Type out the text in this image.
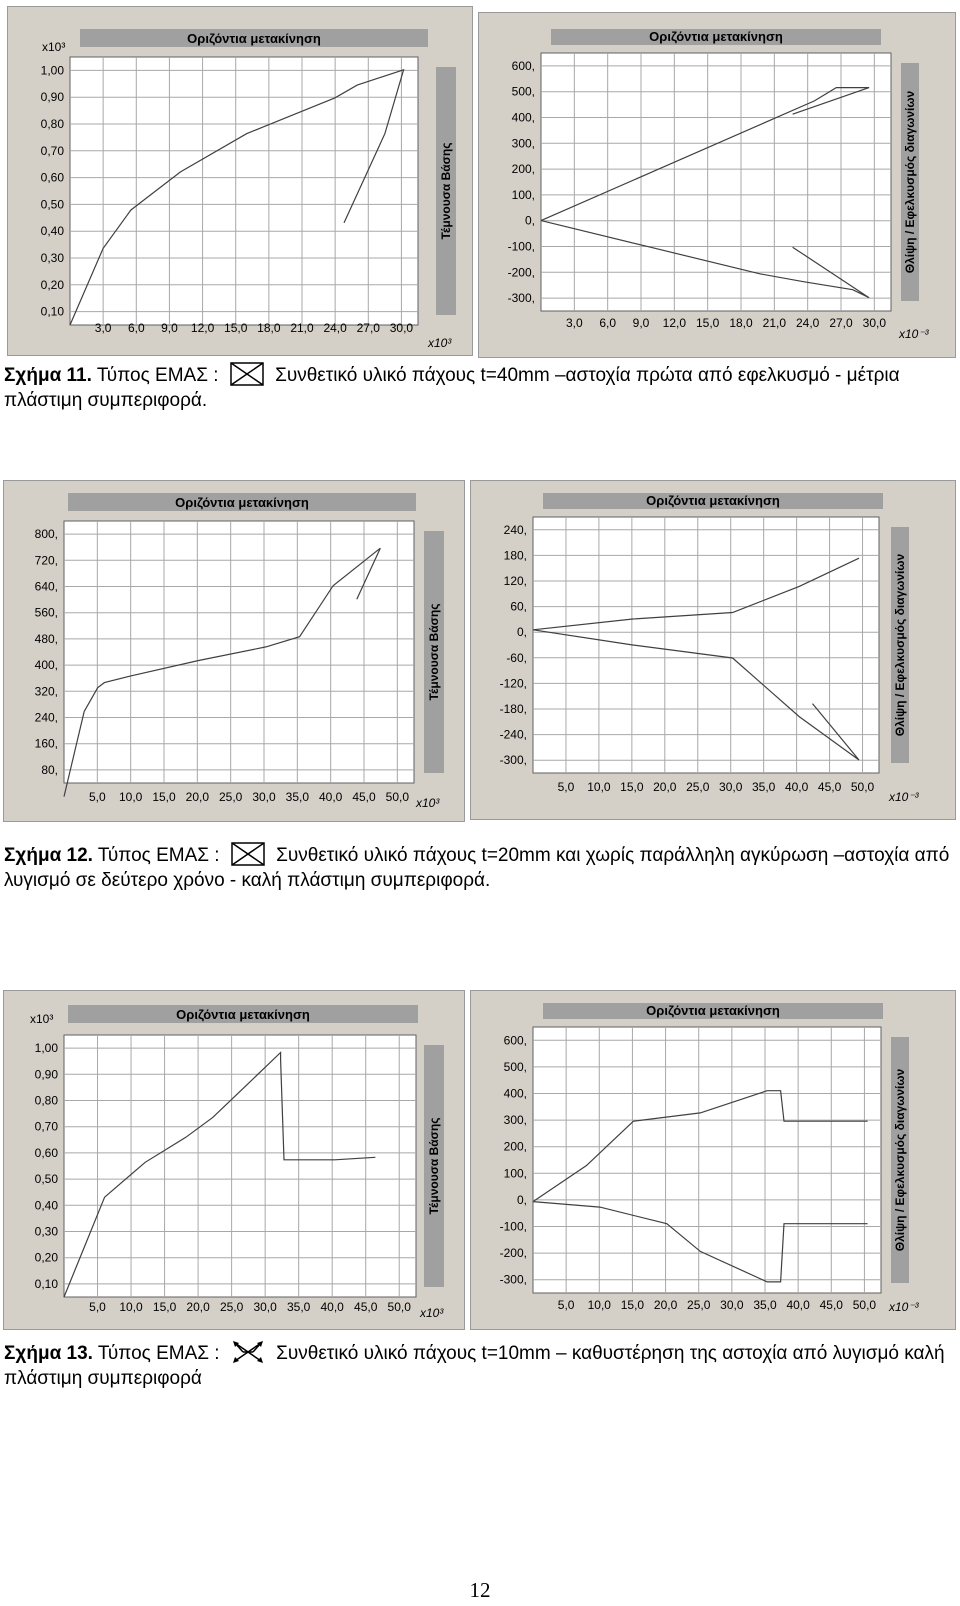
Οριζόντια μετακίνηση
3,0 6,0 9,0 12,0 15,0 18,0 21,0 24,0 27,0 30,0
0,10
0,20
0,30
0,40
0,50
0,60
0,70
0,80
0,90
1,00
x10³
x10³
Τέμνουσα Βάσης
Οριζόντια μετακίνηση
3,0 6,0 9,0 12,0 15,0 18,0 21,0 24,0 27,0 30,0
600,
500,
400,
300,
200,
100,
0,
-100,
-200,
-300,
x10⁻³
Θλίψη / Εφελκυσμός διαγωνίων
Σχήμα 11. Τύπος ΕΜΑΣ : ☒ Συνθετικό υλικό πάχους t=40mm –αστοχία πρώτα από εφελκυσμό - μέτρια πλάστιμη συμπεριφορά.
Οριζόντια μετακίνηση
5,0 10,0 15,0 20,0 25,0 30,0 35,0 40,0 45,0 50,0
800,
720,
640,
560,
480,
400,
320,
240,
160,
80,
x10³
Τέμνουσα Βάσης
Οριζόντια μετακίνηση
5,0 10,0 15,0 20,0 25,0 30,0 35,0 40,0 45,0 50,0
240,
180,
120,
60,
0,
-60,
-120,
-180,
-240,
-300,
x10⁻³
Θλίψη / Εφελκυσμός διαγωνίων
Σχήμα 12. Τύπος ΕΜΑΣ : ☒ Συνθετικό υλικό πάχους t=20mm και χωρίς παράλληλη αγκύρωση –αστοχία από λυγισμό σε δεύτερο χρόνο - καλή πλάστιμη συμπεριφορά.
Οριζόντια μετακίνηση
5,0 10,0 15,0 20,0 25,0 30,0 35,0 40,0 45,0 50,0
0,10
0,20
0,30
0,40
0,50
0,60
0,70
0,80
0,90
1,00
x10³
x10³
Τέμνουσα Βάσης
Οριζόντια μετακίνηση
5,0 10,0 15,0 20,0 25,0 30,0 35,0 40,0 45,0 50,0
600,
500,
400,
300,
200,
100,
0,
-100,
-200,
-300,
x10⁻³
Θλίψη / Εφελκυσμός διαγωνίων
Σχήμα 13. Τύπος ΕΜΑΣ :	Συνθετικό υλικό πάχους t=10mm – καθυστέρηση της αστοχία από λυγισμό καλή πλάστιμη συμπεριφορά
12
